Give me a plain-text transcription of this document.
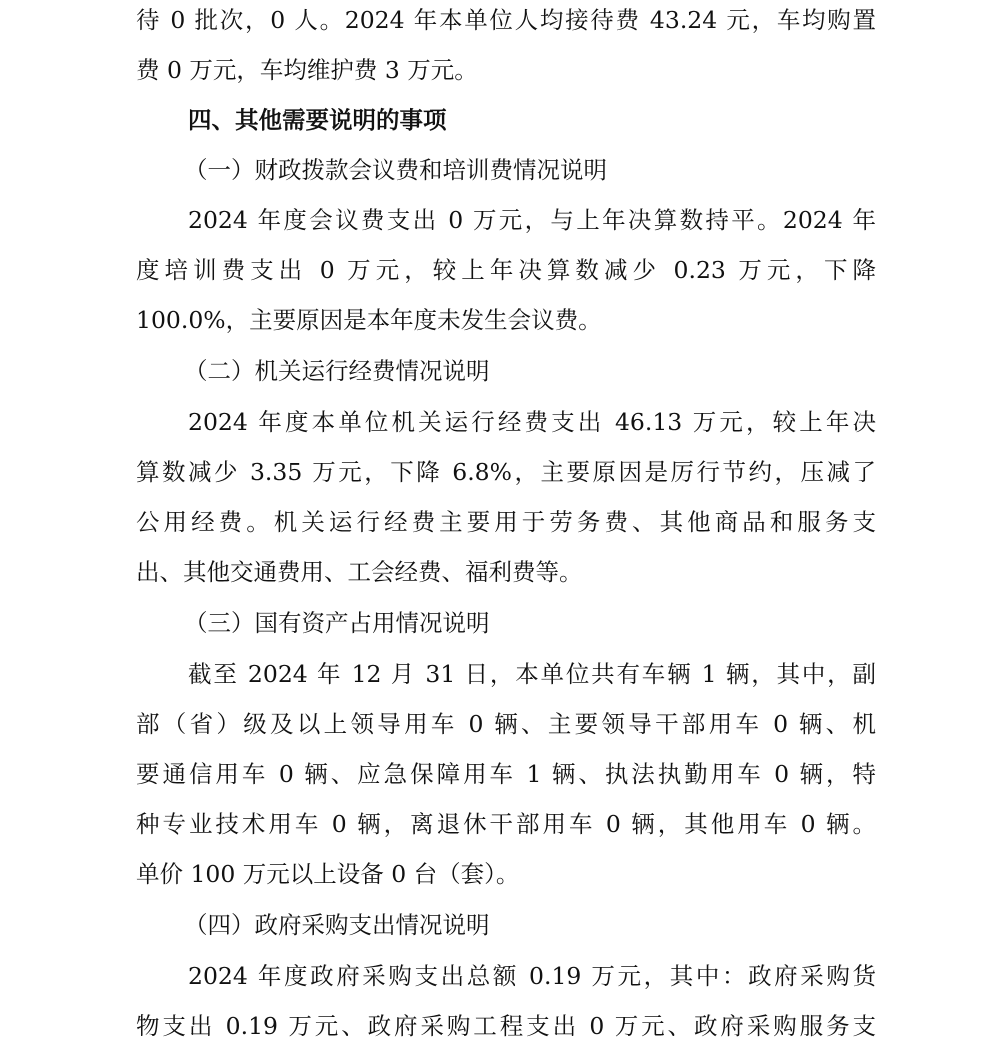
待 0 批次，0 人。2024 年本单位人均接待费 43.24 元，车均购置
费 0 万元，车均维护费 3 万元。
四、其他需要说明的事项
（一）财政拨款会议费和培训费情况说明
2024 年度会议费支出 0 万元，与上年决算数持平。2024 年
度培训费支出 0 万元，较上年决算数减少 0.23 万元，下降
100.0%，主要原因是本年度未发生会议费。
（二）机关运行经费情况说明
2024 年度本单位机关运行经费支出 46.13 万元，较上年决
算数减少 3.35 万元，下降 6.8%，主要原因是厉行节约，压减了
公用经费。机关运行经费主要用于劳务费、其他商品和服务支
出、其他交通费用、工会经费、福利费等。
（三）国有资产占用情况说明
截至 2024 年 12 月 31 日，本单位共有车辆 1 辆，其中，副
部（省）级及以上领导用车 0 辆、主要领导干部用车 0 辆、机
要通信用车 0 辆、应急保障用车 1 辆、执法执勤用车 0 辆，特
种专业技术用车 0 辆，离退休干部用车 0 辆，其他用车 0 辆。
单价 100 万元以上设备 0 台（套）。
（四）政府采购支出情况说明
2024 年度政府采购支出总额 0.19 万元，其中：政府采购货
物支出 0.19 万元、政府采购工程支出 0 万元、政府采购服务支
